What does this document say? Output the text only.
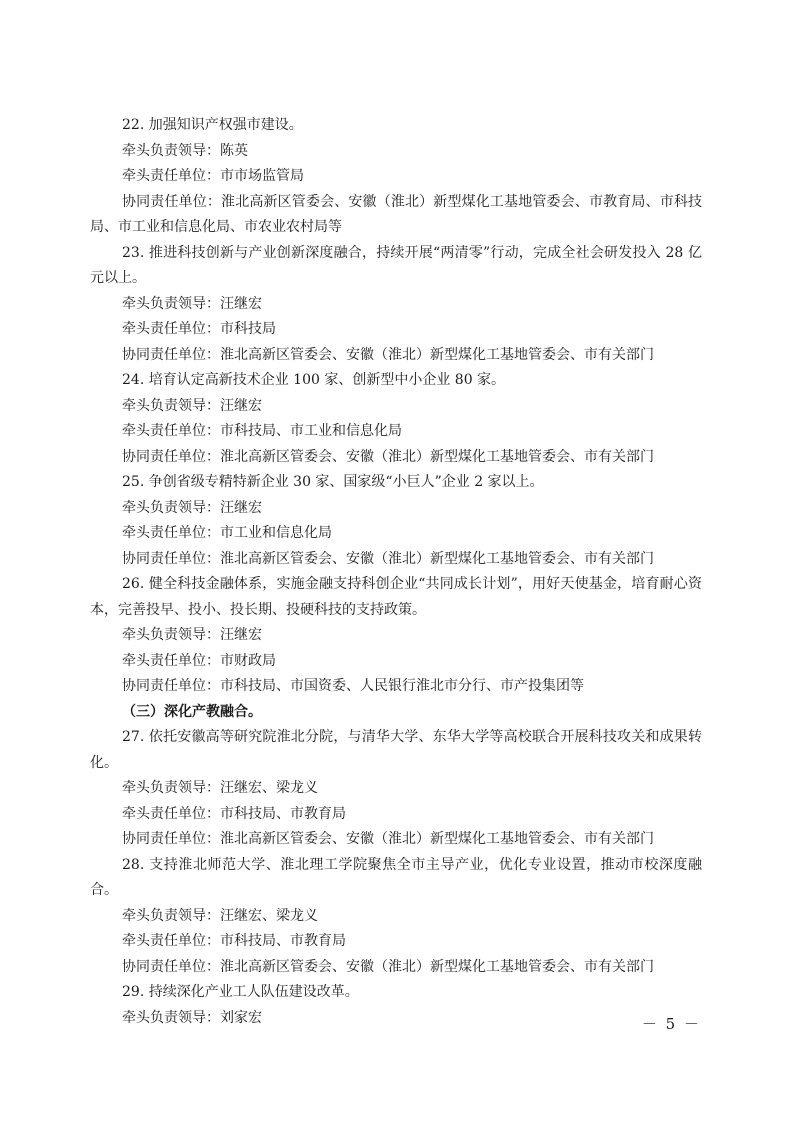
22. 加强知识产权强市建设。

牵头负责领导：陈英

牵头责任单位：市市场监管局

协同责任单位：淮北高新区管委会、安徽（淮北）新型煤化工基地管委会、市教育局、市科技局、市工业和信息化局、市农业农村局等

23. 推进科技创新与产业创新深度融合，持续开展“两清零”行动，完成全社会研发投入 28 亿元以上。

牵头负责领导：汪继宏

牵头责任单位：市科技局

协同责任单位：淮北高新区管委会、安徽（淮北）新型煤化工基地管委会、市有关部门

24. 培育认定高新技术企业 100 家、创新型中小企业 80 家。

牵头负责领导：汪继宏

牵头责任单位：市科技局、市工业和信息化局

协同责任单位：淮北高新区管委会、安徽（淮北）新型煤化工基地管委会、市有关部门

25. 争创省级专精特新企业 30 家、国家级“小巨人”企业 2 家以上。

牵头负责领导：汪继宏

牵头责任单位：市工业和信息化局

协同责任单位：淮北高新区管委会、安徽（淮北）新型煤化工基地管委会、市有关部门

26. 健全科技金融体系，实施金融支持科创企业“共同成长计划”，用好天使基金，培育耐心资本，完善投早、投小、投长期、投硬科技的支持政策。

牵头负责领导：汪继宏

牵头责任单位：市财政局

协同责任单位：市科技局、市国资委、人民银行淮北市分行、市产投集团等

（三）深化产教融合。

27. 依托安徽高等研究院淮北分院，与清华大学、东华大学等高校联合开展科技攻关和成果转化。

牵头负责领导：汪继宏、梁龙义

牵头责任单位：市科技局、市教育局

协同责任单位：淮北高新区管委会、安徽（淮北）新型煤化工基地管委会、市有关部门

28. 支持淮北师范大学、淮北理工学院聚焦全市主导产业，优化专业设置，推动市校深度融合。

牵头负责领导：汪继宏、梁龙义

牵头责任单位：市科技局、市教育局

协同责任单位：淮北高新区管委会、安徽（淮北）新型煤化工基地管委会、市有关部门

29. 持续深化产业工人队伍建设改革。

牵头负责领导：刘家宏	－ 5 －
